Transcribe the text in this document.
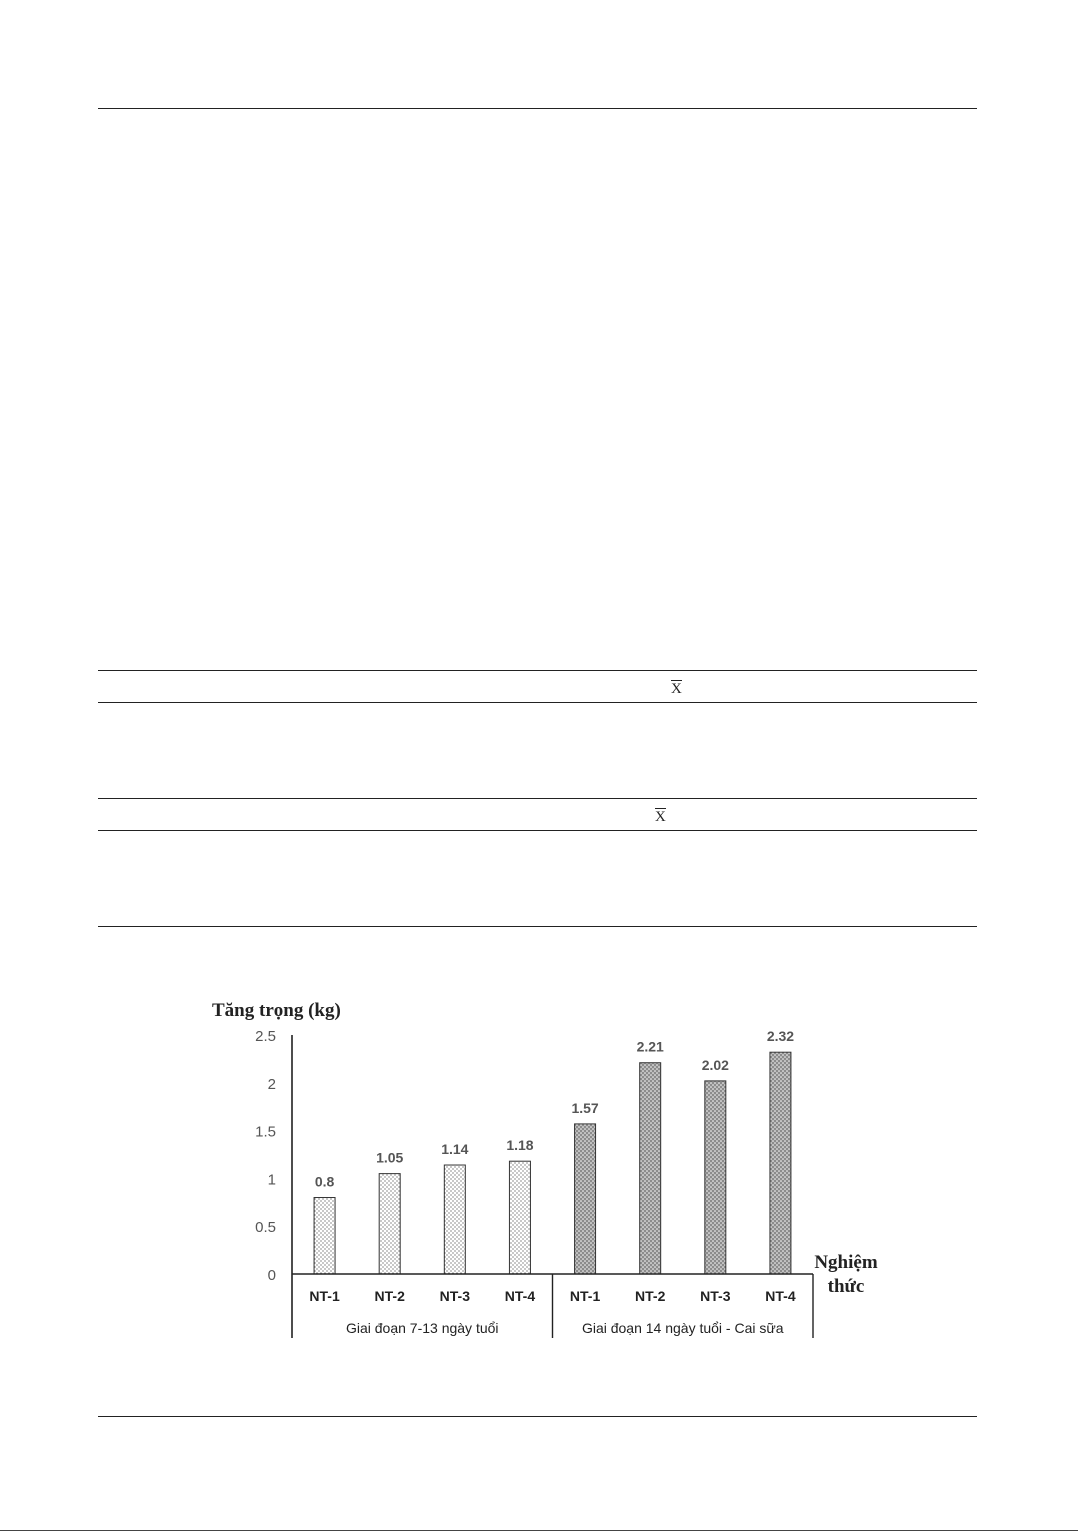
X
X
Tăng trọng (kg)
Nghiệm
thức
0
0.5
1
1.5
2
2.5
0.8
1.05
1.14	1.18
1.57
2.21
2.02
2.32
NT-1 NT-2 NT-3 NT-4 NT-1 NT-2 NT-3 NT-4
Giai đoạn 7-13 ngày tuổi	Giai đoạn 14 ngày tuổi - Cai sữa
